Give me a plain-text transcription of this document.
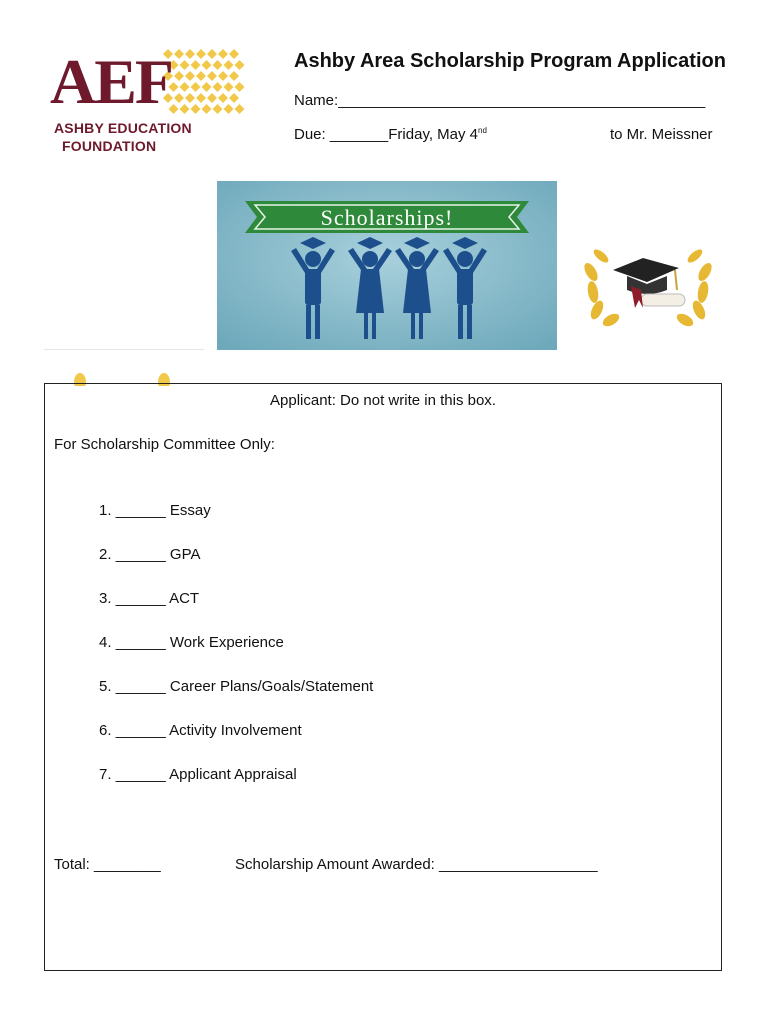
AEF
ASHBY EDUCATION
FOUNDATION
Ashby Area Scholarship Program Application
Name:____________________________________________
Due: _______Friday, May 4nd	to Mr. Meissner
Scholarships!
Applicant: Do not write in this box.
For Scholarship Committee Only:
1. ______ Essay
2. ______ GPA
3. ______ ACT
4. ______ Work Experience
5. ______ Career Plans/Goals/Statement
6. ______ Activity Involvement
7. ______ Applicant Appraisal
Total: ________	Scholarship Amount Awarded: ___________________
